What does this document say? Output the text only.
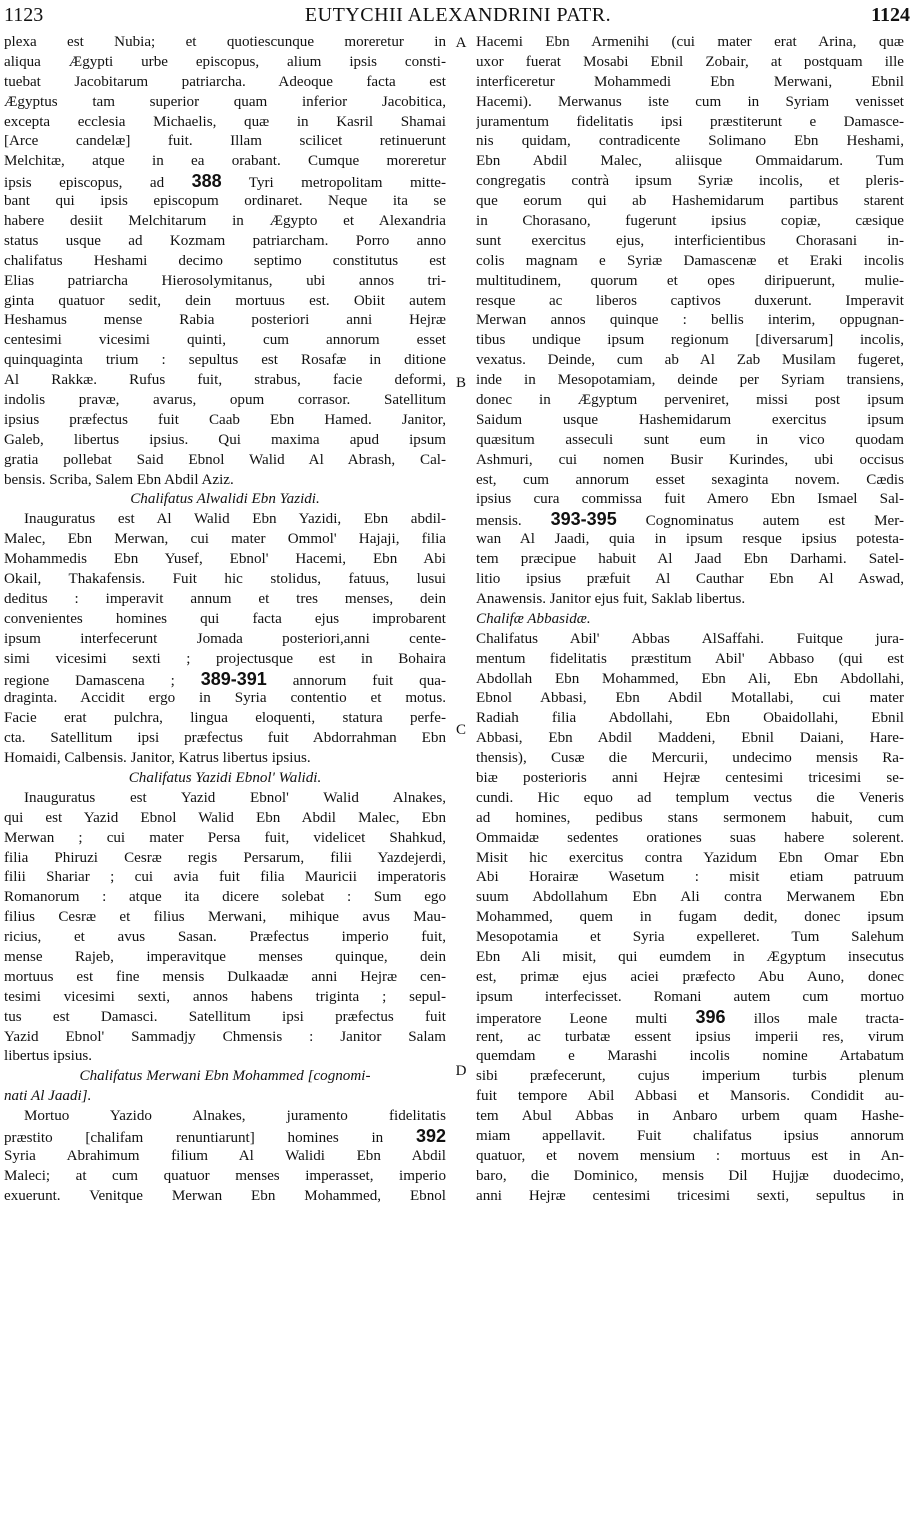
1123	EUTYCHII ALEXANDRINI PATR.	1124
plexa est Nubia; et quotiescunque moreretur in
aliqua Ægypti urbe episcopus, alium ipsis consti-
tuebat Jacobitarum patriarcha. Adeoque facta est
Ægyptus tam superior quam inferior Jacobitica,
excepta ecclesia Michaelis, quæ in Kasril Shamai
[Arce candelæ] fuit. Illam scilicet retinuerunt
Melchitæ, atque in ea orabant. Cumque moreretur
ipsis episcopus, ad 388 Tyri metropolitam mitte-
bant qui ipsis episcopum ordinaret. Neque ita se
habere desiit Melchitarum in Ægypto et Alexandria
status usque ad Kozmam patriarcham. Porro anno
chalifatus Heshami decimo septimo constitutus est
Elias patriarcha Hierosolymitanus, ubi annos tri-
ginta quatuor sedit, dein mortuus est. Obiit autem
Heshamus mense Rabia posteriori anni Hejræ
centesimi vicesimi quinti, cum annorum esset
quinquaginta trium : sepultus est Rosafæ in ditione
Al Rakkæ. Rufus fuit, strabus, facie deformi,
indolis pravæ, avarus, opum corrasor. Satellitum
ipsius præfectus fuit Caab Ebn Hamed. Janitor,
Galeb, libertus ipsius. Qui maxima apud ipsum
gratia pollebat Said Ebnol Walid Al Abrash, Cal-
bensis. Scriba, Salem Ebn Abdil Aziz.
Chalifatus Alwalidi Ebn Yazidi.
Inauguratus est Al Walid Ebn Yazidi, Ebn abdil-
Malec, Ebn Merwan, cui mater Ommol' Hajaji, filia
Mohammedis Ebn Yusef, Ebnol' Hacemi, Ebn Abi
Okail, Thakafensis. Fuit hic stolidus, fatuus, lusui
deditus : imperavit annum et tres menses, dein
convenientes homines qui facta ejus improbarent
ipsum interfecerunt Jomada posteriori,anni cente-
simi vicesimi sexti ; projectusque est in Bohaira
regione Damascena ; 389-391 annorum fuit qua-
draginta. Accidit ergo in Syria contentio et motus.
Facie erat pulchra, lingua eloquenti, statura perfe-
cta. Satellitum ipsi præfectus fuit Abdorrahman Ebn
Homaidi, Calbensis. Janitor, Katrus libertus ipsius.
Chalifatus Yazidi Ebnol' Walidi.
Inauguratus est Yazid Ebnol' Walid Alnakes,
qui est Yazid Ebnol Walid Ebn Abdil Malec, Ebn
Merwan ; cui mater Persa fuit, videlicet Shahkud,
filia Phiruzi Cesræ regis Persarum, filii Yazdejerdi,
filii Shariar ; cui avia fuit filia Mauricii imperatoris
Romanorum : atque ita dicere solebat : Sum ego
filius Cesræ et filius Merwani, mihique avus Mau-
ricius, et avus Sasan. Præfectus imperio fuit,
mense Rajeb, imperavitque menses quinque, dein
mortuus est fine mensis Dulkaadæ anni Hejræ cen-
tesimi vicesimi sexti, annos habens triginta ; sepul-
tus est Damasci. Satellitum ipsi præfectus fuit
Yazid Ebnol' Sammadjy Chmensis : Janitor Salam
libertus ipsius.
Chalifatus Merwani Ebn Mohammed [cognomi-
nati Al Jaadi].
Mortuo Yazido Alnakes, juramento fidelitatis
præstito [chalifam renuntiarunt] homines in 392
Syria Abrahimum filium Al Walidi Ebn Abdil
Maleci; at cum quatuor menses imperasset, imperio
exuerunt. Venitque Merwan Ebn Mohammed, Ebnol
Hacemi Ebn Armenihi (cui mater erat Arina, quæ
uxor fuerat Mosabi Ebnil Zobair, at postquam ille
interficeretur Mohammedi Ebn Merwani, Ebnil
Hacemi). Merwanus iste cum in Syriam venisset
juramentum fidelitatis ipsi præstiterunt e Damasce-
nis quidam, contradicente Solimano Ebn Heshami,
Ebn Abdil Malec, aliisque Ommaidarum. Tum
congregatis contrà ipsum Syriæ incolis, et pleris-
que eorum qui ab Hashemidarum partibus starent
in Chorasano, fugerunt ipsius copiæ, cæsique
sunt exercitus ejus, interficientibus Chorasani in-
colis magnam e Syriæ Damascenæ et Eraki incolis
multitudinem, quorum et opes diripuerunt, mulie-
resque ac liberos captivos duxerunt. Imperavit
Merwan annos quinque : bellis interim, oppugnan-
tibus undique ipsum regionum [diversarum] incolis,
vexatus. Deinde, cum ab Al Zab Musilam fugeret,
inde in Mesopotamiam, deinde per Syriam transiens,
donec in Ægyptum perveniret, missi post ipsum
Saidum usque Hashemidarum exercitus ipsum
quæsitum asseculi sunt eum in vico quodam
Ashmuri, cui nomen Busir Kurindes, ubi occisus
est, cum annorum esset sexaginta novem. Cædis
ipsius cura commissa fuit Amero Ebn Ismael Sal-
mensis. 393-395 Cognominatus autem est Mer-
wan Al Jaadi, quia in ipsum resque ipsius potesta-
tem præcipue habuit Al Jaad Ebn Darhami. Satel-
litio ipsius præfuit Al Cauthar Ebn Al Aswad,
Anawensis. Janitor ejus fuit, Saklab libertus.
Chalifæ Abbasidæ.
Chalifatus Abil' Abbas AlSaffahi. Fuitque jura-
mentum fidelitatis præstitum Abil' Abbaso (qui est
Abdollah Ebn Mohammed, Ebn Ali, Ebn Abdollahi,
Ebnol Abbasi, Ebn Abdil Motallabi, cui mater
Radiah filia Abdollahi, Ebn Obaidollahi, Ebnil
Abbasi, Ebn Abdil Maddeni, Ebnil Daiani, Hare-
thensis), Cusæ die Mercurii, undecimo mensis Ra-
biæ posterioris anni Hejræ centesimi tricesimi se-
cundi. Hic equo ad templum vectus die Veneris
ad homines, pedibus stans sermonem habuit, cum
Ommaidæ sedentes orationes suas habere solerent.
Misit hic exercitus contra Yazidum Ebn Omar Ebn
Abi Horairæ Wasetum : misit etiam patruum
suum Abdollahum Ebn Ali contra Merwanem Ebn
Mohammed, quem in fugam dedit, donec ipsum
Mesopotamia et Syria expelleret. Tum Salehum
Ebn Ali misit, qui eumdem in Ægyptum insecutus
est, primæ ejus aciei præfecto Abu Auno, donec
ipsum interfecisset. Romani autem cum mortuo
imperatore Leone multi 396 illos male tracta-
rent, ac turbatæ essent ipsius imperii res, virum
quemdam e Marashi incolis nomine Artabatum
sibi præfecerunt, cujus imperium turbis plenum
fuit tempore Abil Abbasi et Mansoris. Condidit au-
tem Abul Abbas in Anbaro urbem quam Hashe-
miam appellavit. Fuit chalifatus ipsius annorum
quatuor, et novem mensium : mortuus est in An-
baro, die Dominico, mensis Dil Hujjæ duodecimo,
anni Hejræ centesimi tricesimi sexti, sepultus in
A
B
C
D
